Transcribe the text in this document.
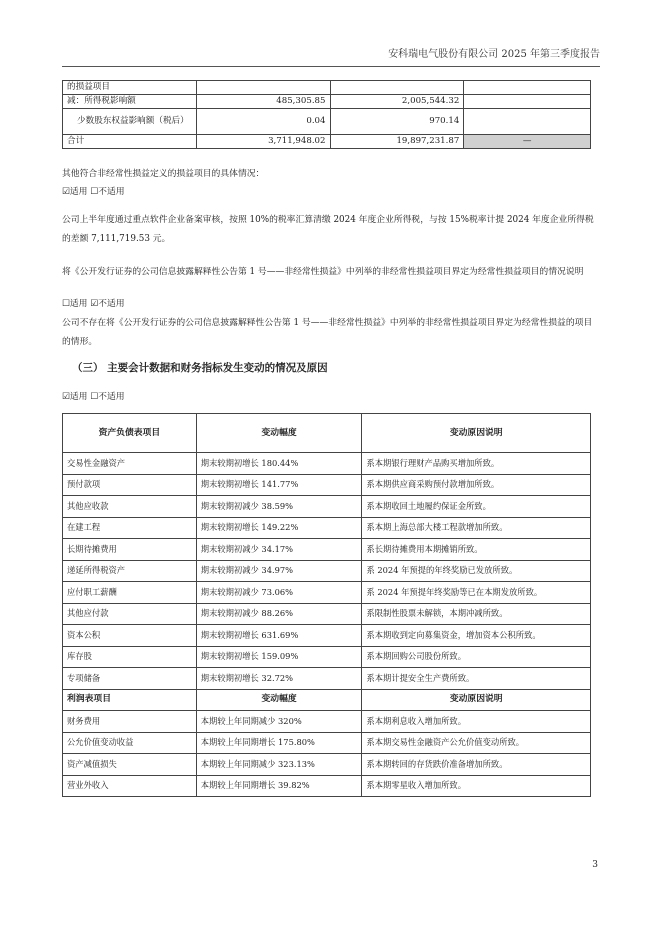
安科瑞电气股份有限公司 2025 年第三季度报告
的损益项目			
减：所得税影响额	485,305.85	2,005,544.32	
少数股东权益影响额（税后）	0.04	970.14	
合计	3,711,948.02	19,897,231.87	—
其他符合非经常性损益定义的损益项目的具体情况：
☑适用 ☐不适用
公司上半年度通过重点软件企业备案审核，按照 10%的税率汇算清缴 2024 年度企业所得税，与按 15%税率计提 2024 年度企业所得税的差额 7,111,719.53 元。
将《公开发行证券的公司信息披露解释性公告第 1 号——非经常性损益》中列举的非经常性损益项目界定为经常性损益项目的情况说明
☐适用 ☑不适用
公司不存在将《公开发行证券的公司信息披露解释性公告第 1 号——非经常性损益》中列举的非经常性损益项目界定为经常性损益的项目的情形。
（三） 主要会计数据和财务指标发生变动的情况及原因
☑适用 ☐不适用
资产负债表项目	变动幅度	变动原因说明
交易性金融资产	期末较期初增长 180.44%	系本期银行理财产品购买增加所致。
预付款项	期末较期初增长 141.77%	系本期供应商采购预付款增加所致。
其他应收款	期末较期初减少 38.59%	系本期收回土地履约保证金所致。
在建工程	期末较期初增长 149.22%	系本期上海总部大楼工程款增加所致。
长期待摊费用	期末较期初减少 34.17%	系长期待摊费用本期摊销所致。
递延所得税资产	期末较期初减少 34.97%	系 2024 年预提的年终奖励已发放所致。
应付职工薪酬	期末较期初减少 73.06%	系 2024 年预提年终奖励等已在本期发放所致。
其他应付款	期末较期初减少 88.26%	系限制性股票未解锁，本期冲减所致。
资本公积	期末较期初增长 631.69%	系本期收到定向募集资金，增加资本公积所致。
库存股	期末较期初增长 159.09%	系本期回购公司股份所致。
专项储备	期末较期初增长 32.72%	系本期计提安全生产费所致。
利润表项目	变动幅度	变动原因说明
财务费用	本期较上年同期减少 320%	系本期利息收入增加所致。
公允价值变动收益	本期较上年同期增长 175.80%	系本期交易性金融资产公允价值变动所致。
资产减值损失	本期较上年同期减少 323.13%	系本期转回的存货跌价准备增加所致。
营业外收入	本期较上年同期增长 39.82%	系本期零星收入增加所致。
3
